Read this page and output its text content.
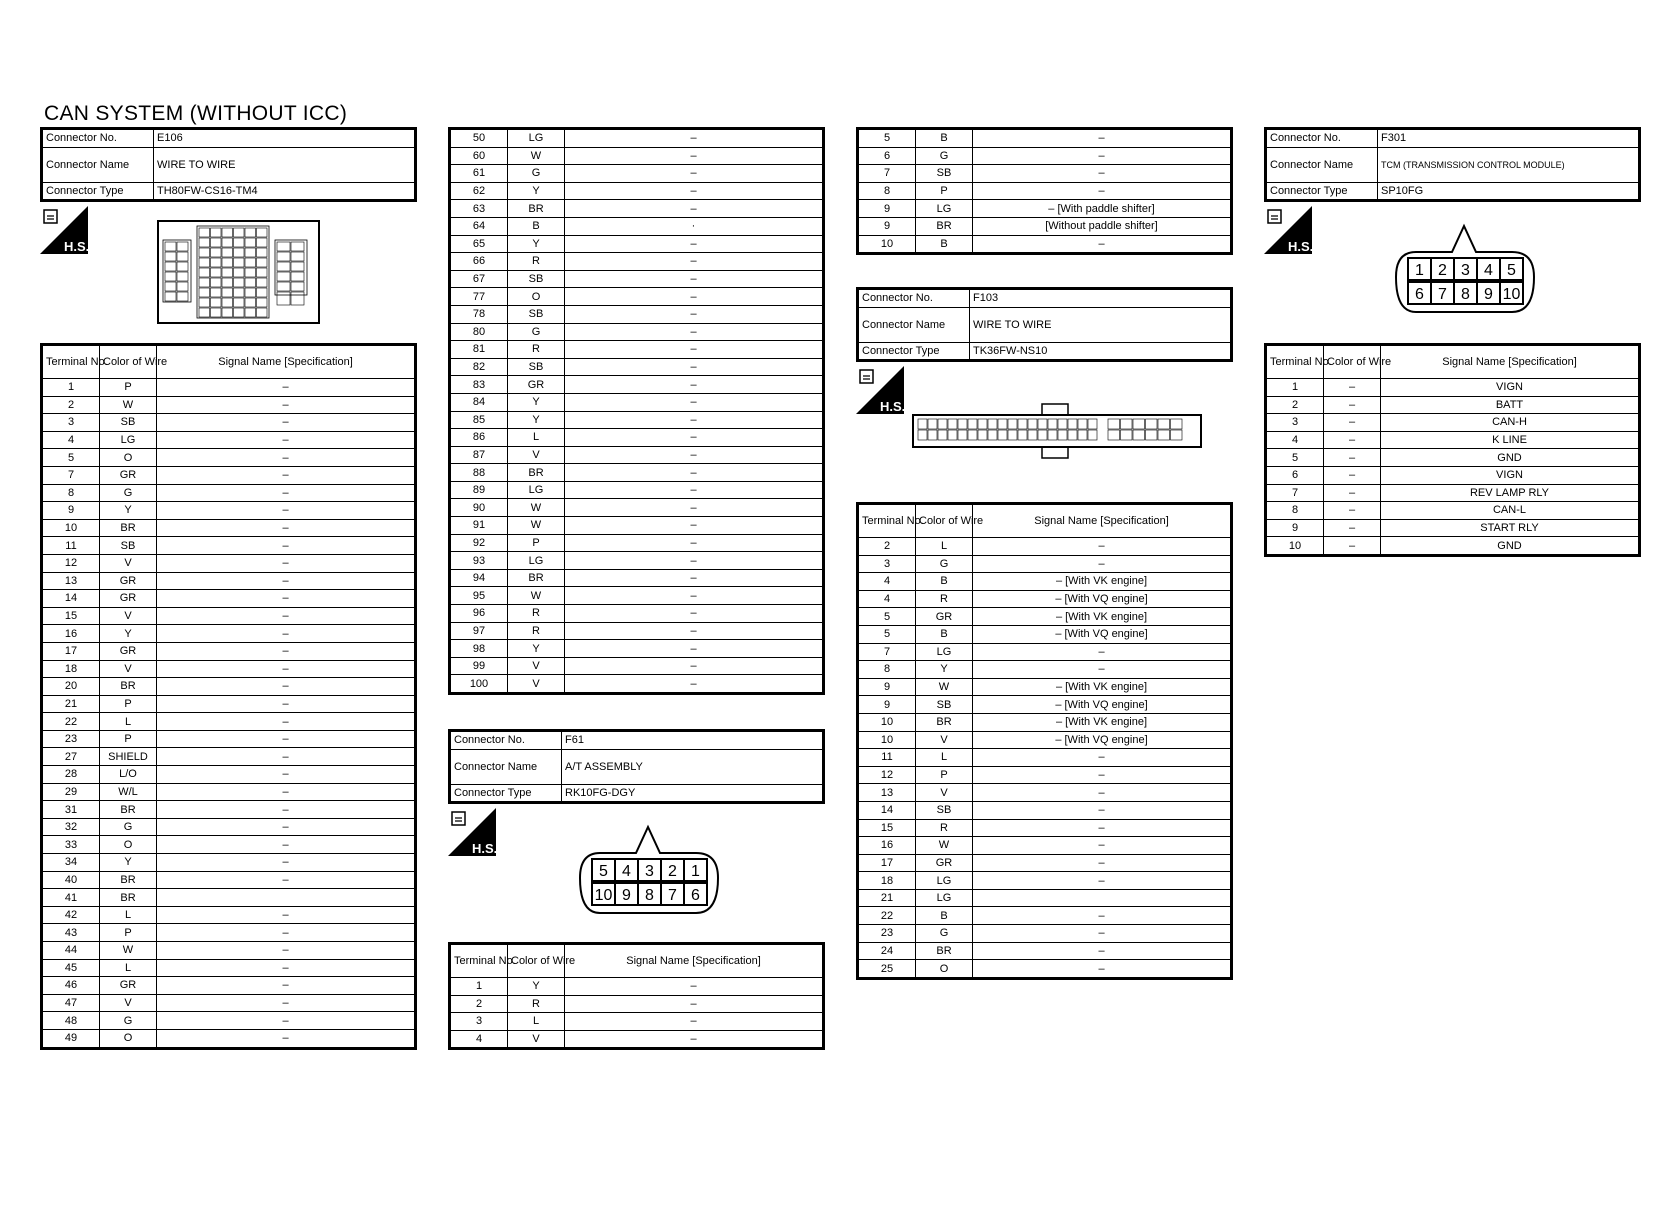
CAN SYSTEM (WITHOUT ICC)
Connector No.	E106
Connector Name	WIRE TO WIRE
Connector Type	TH80FW-CS16-TM4
H.S.
Terminal No.	Color of Wire	Signal Name [Specification]
1	P	–
2	W	–
3	SB	–
4	LG	–
5	O	–
7	GR	–
8	G	–
9	Y	–
10	BR	–
11	SB	–
12	V	–
13	GR	–
14	GR	–
15	V	–
16	Y	–
17	GR	–
18	V	–
20	BR	–
21	P	–
22	L	–
23	P	–
27	SHIELD	–
28	L/O	–
29	W/L	–
31	BR	–
32	G	–
33	O	–
34	Y	–
40	BR	–
41	BR	
42	L	–
43	P	–
44	W	–
45	L	–
46	GR	–
47	V	–
48	G	–
49	O	–
50	LG	–
60	W	–
61	G	–
62	Y	–
63	BR	–
64	B	·
65	Y	–
66	R	–
67	SB	–
77	O	–
78	SB	–
80	G	–
81	R	–
82	SB	–
83	GR	–
84	Y	–
85	Y	–
86	L	–
87	V	–
88	BR	–
89	LG	–
90	W	–
91	W	–
92	P	–
93	LG	–
94	BR	–
95	W	–
96	R	–
97	R	–
98	Y	–
99	V	–
100	V	–
Connector No.	F61
Connector Name	A/T ASSEMBLY
Connector Type	RK10FG-DGY
H.S.
5 4 3 2 1
10 9 8 7 6
Terminal No.	Color of Wire	Signal Name [Specification]
1	Y	–
2	R	–
3	L	–
4	V	–
5	B	–
6	G	–
7	SB	–
8	P	–
9	LG	– [With paddle shifter]
9	BR	[Without paddle shifter]
10	B	–
Connector No.	F103
Connector Name	WIRE TO WIRE
Connector Type	TK36FW-NS10
H.S.
Terminal No.	Color of Wire	Signal Name [Specification]
2	L	–
3	G	–
4	B	– [With VK engine]
4	R	– [With VQ engine]
5	GR	– [With VK engine]
5	B	– [With VQ engine]
7	LG	–
8	Y	–
9	W	– [With VK engine]
9	SB	– [With VQ engine]
10	BR	– [With VK engine]
10	V	– [With VQ engine]
11	L	–
12	P	–
13	V	–
14	SB	–
15	R	–
16	W	–
17	GR	–
18	LG	–
21	LG	
22	B	–
23	G	–
24	BR	–
25	O	–
Connector No.	F301
Connector Name	TCM (TRANSMISSION CONTROL MODULE)
Connector Type	SP10FG
H.S.
1 2 3 4 5
6 7 8 9 10
Terminal No.	Color of Wire	Signal Name [Specification]
1	–	VIGN
2	–	BATT
3	–	CAN-H
4	–	K LINE
5	–	GND
6	–	VIGN
7	–	REV LAMP RLY
8	–	CAN-L
9	–	START RLY
10	–	GND
